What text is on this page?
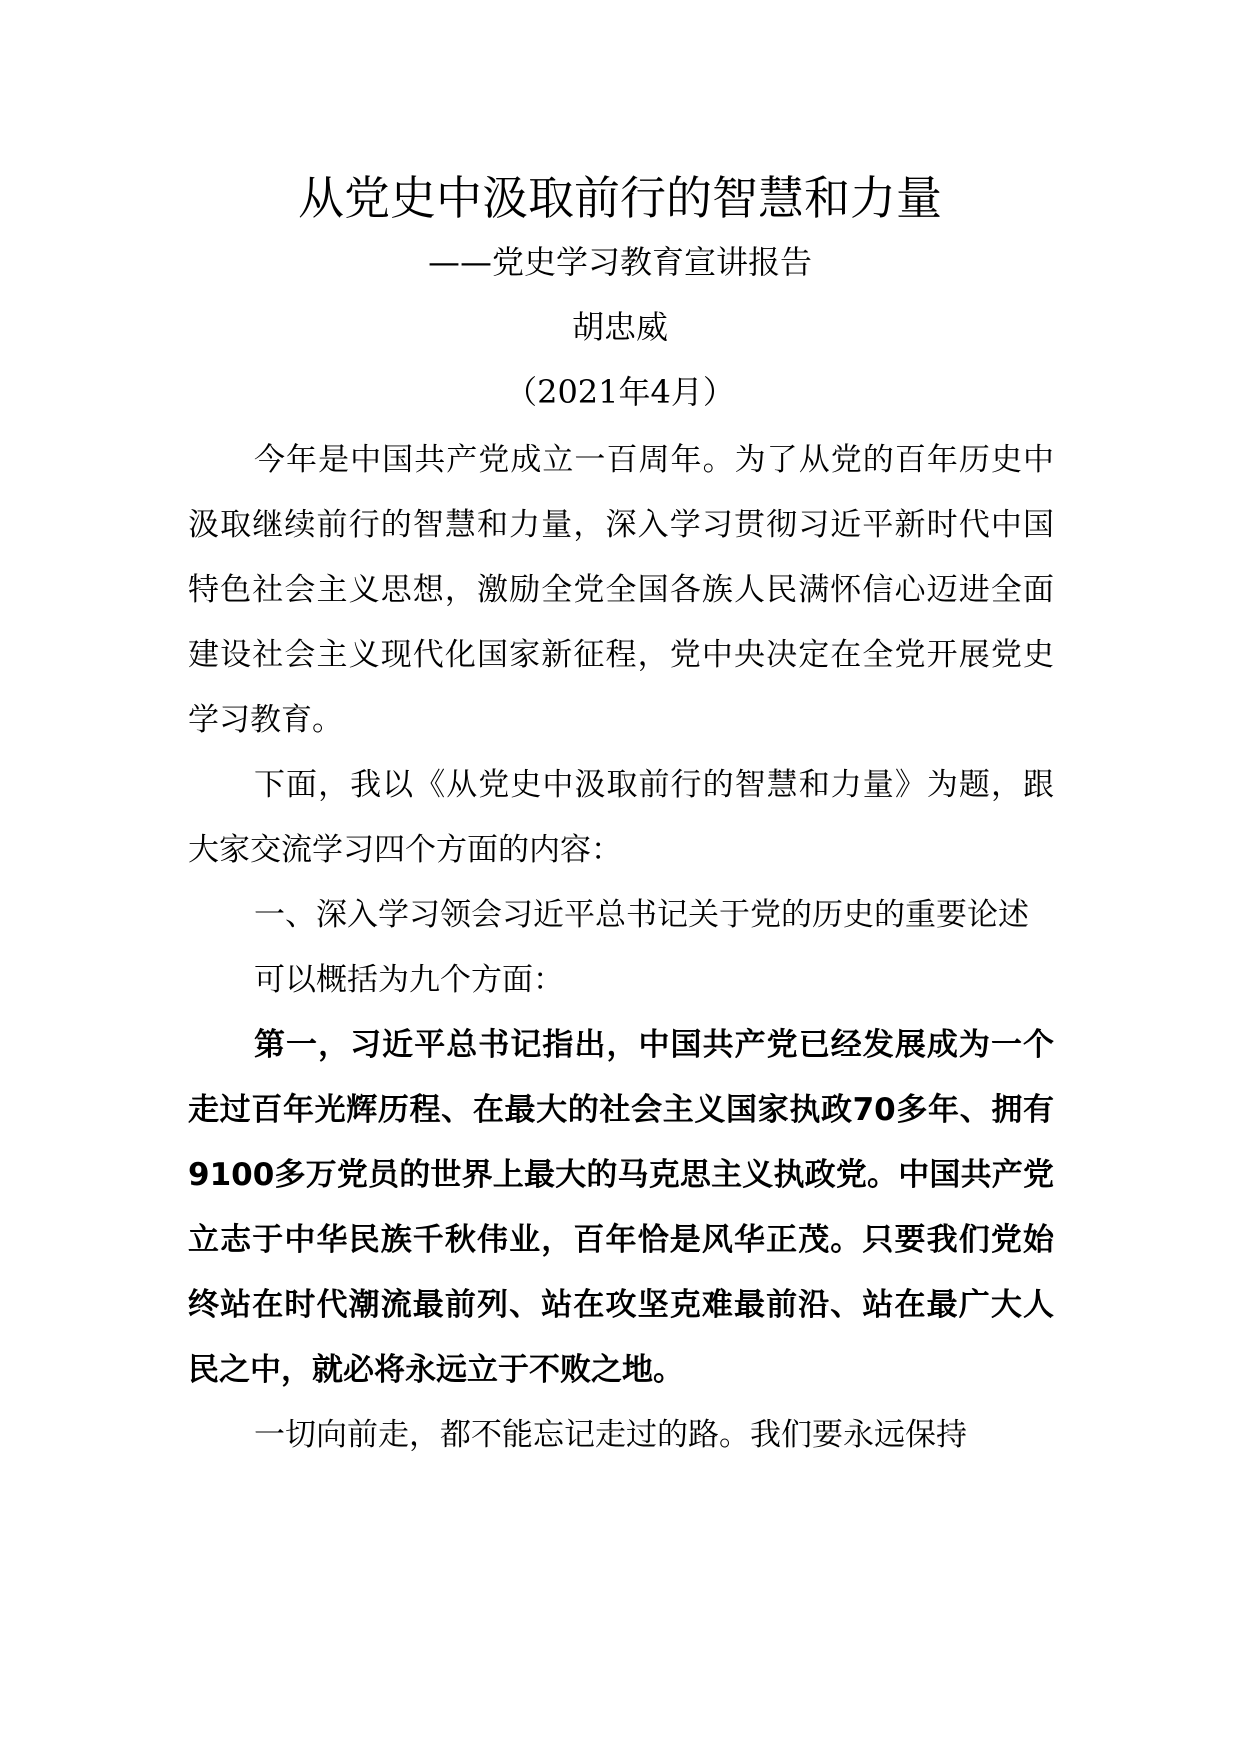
从党史中汲取前行的智慧和力量
——党史学习教育宣讲报告
胡忠威
（2021年4月）

今年是中国共产党成立一百周年。为了从党的百年历史中汲取继续前行的智慧和力量，深入学习贯彻习近平新时代中国特色社会主义思想，激励全党全国各族人民满怀信心迈进全面建设社会主义现代化国家新征程，党中央决定在全党开展党史学习教育。

下面，我以《从党史中汲取前行的智慧和力量》为题，跟大家交流学习四个方面的内容：

一、深入学习领会习近平总书记关于党的历史的重要论述

可以概括为九个方面：

第一，习近平总书记指出，中国共产党已经发展成为一个走过百年光辉历程、在最大的社会主义国家执政70多年、拥有9100多万党员的世界上最大的马克思主义执政党。中国共产党立志于中华民族千秋伟业，百年恰是风华正茂。只要我们党始终站在时代潮流最前列、站在攻坚克难最前沿、站在最广大人民之中，就必将永远立于不败之地。

一切向前走，都不能忘记走过的路。我们要永远保持
